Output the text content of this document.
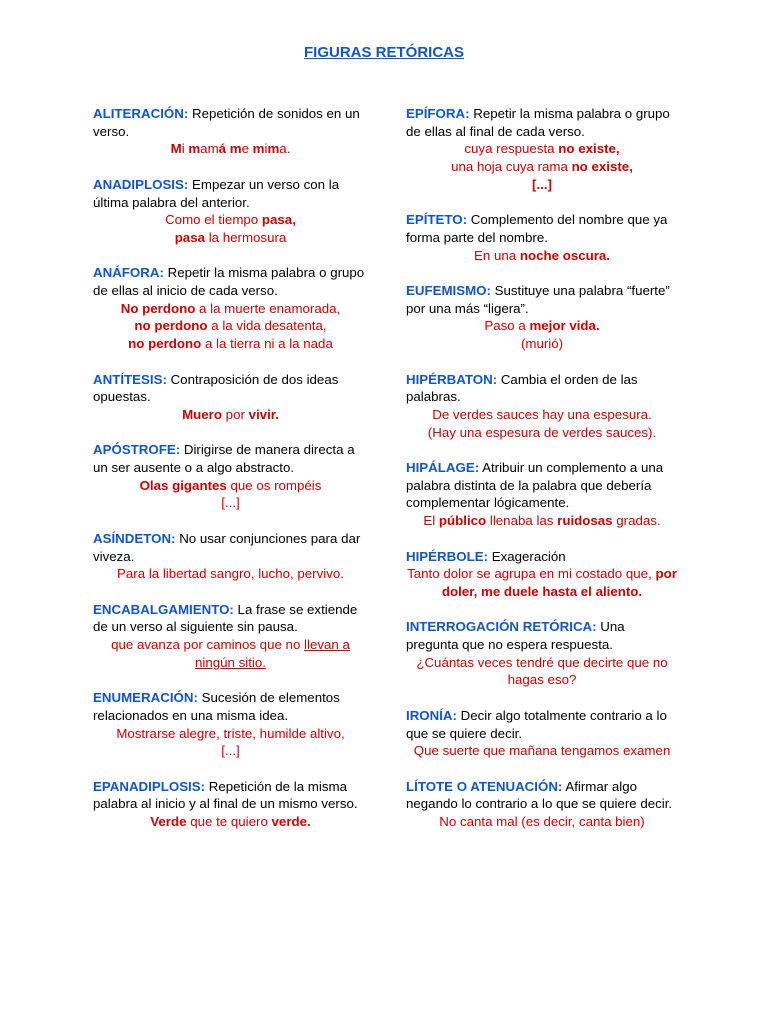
FIGURAS RETÓRICAS
ALITERACIÓN: Repetición de sonidos en un verso.
Mi mamá me mima.
ANADIPLOSIS: Empezar un verso con la última palabra del anterior.
Como el tiempo pasa,
pasa la hermosura
ANÁFORA: Repetir la misma palabra o grupo de ellas al inicio de cada verso.
No perdono a la muerte enamorada,
no perdono a la vida desatenta,
no perdono a la tierra ni a la nada
ANTÍTESIS: Contraposición de dos ideas opuestas.
Muero por vivir.
APÓSTROFE: Dirigirse de manera directa a un ser ausente o a algo abstracto.
Olas gigantes que os rompéis
[...]
ASÍNDETON: No usar conjunciones para dar viveza.
Para la libertad sangro, lucho, pervivo.
ENCABALGAMIENTO: La frase se extiende de un verso al siguiente sin pausa.
que avanza por caminos que no llevan a ningún sitio.
ENUMERACIÓN: Sucesión de elementos relacionados en una misma idea.
Mostrarse alegre, triste, humilde altivo,
[...]
EPANADIPLOSIS: Repetición de la misma palabra al inicio y al final de un mismo verso.
Verde que te quiero verde.
EPÍFORA: Repetir la misma palabra o grupo de ellas al final de cada verso.
cuya respuesta no existe,
una hoja cuya rama no existe,
[...]
EPÍTETO: Complemento del nombre que ya forma parte del nombre.
En una noche oscura.
EUFEMISMO: Sustituye una palabra “fuerte” por una más “ligera”.
Paso a mejor vida.
(murió)
HIPÉRBATON: Cambia el orden de las palabras.
De verdes sauces hay una espesura.
(Hay una espesura de verdes sauces).
HIPÁLAGE: Atribuir un complemento a una palabra distinta de la palabra que debería complementar lógicamente.
El público llenaba las ruidosas gradas.
HIPÉRBOLE: Exageración
Tanto dolor se agrupa en mi costado que, por doler, me duele hasta el aliento.
INTERROGACIÓN RETÓRICA: Una pregunta que no espera respuesta.
¿Cuántas veces tendré que decirte que no hagas eso?
IRONÍA: Decir algo totalmente contrario a lo que se quiere decir.
Que suerte que mañana tengamos examen
LÍTOTE O ATENUACIÓN: Afirmar algo negando lo contrario a lo que se quiere decir.
No canta mal (es decir, canta bien)
